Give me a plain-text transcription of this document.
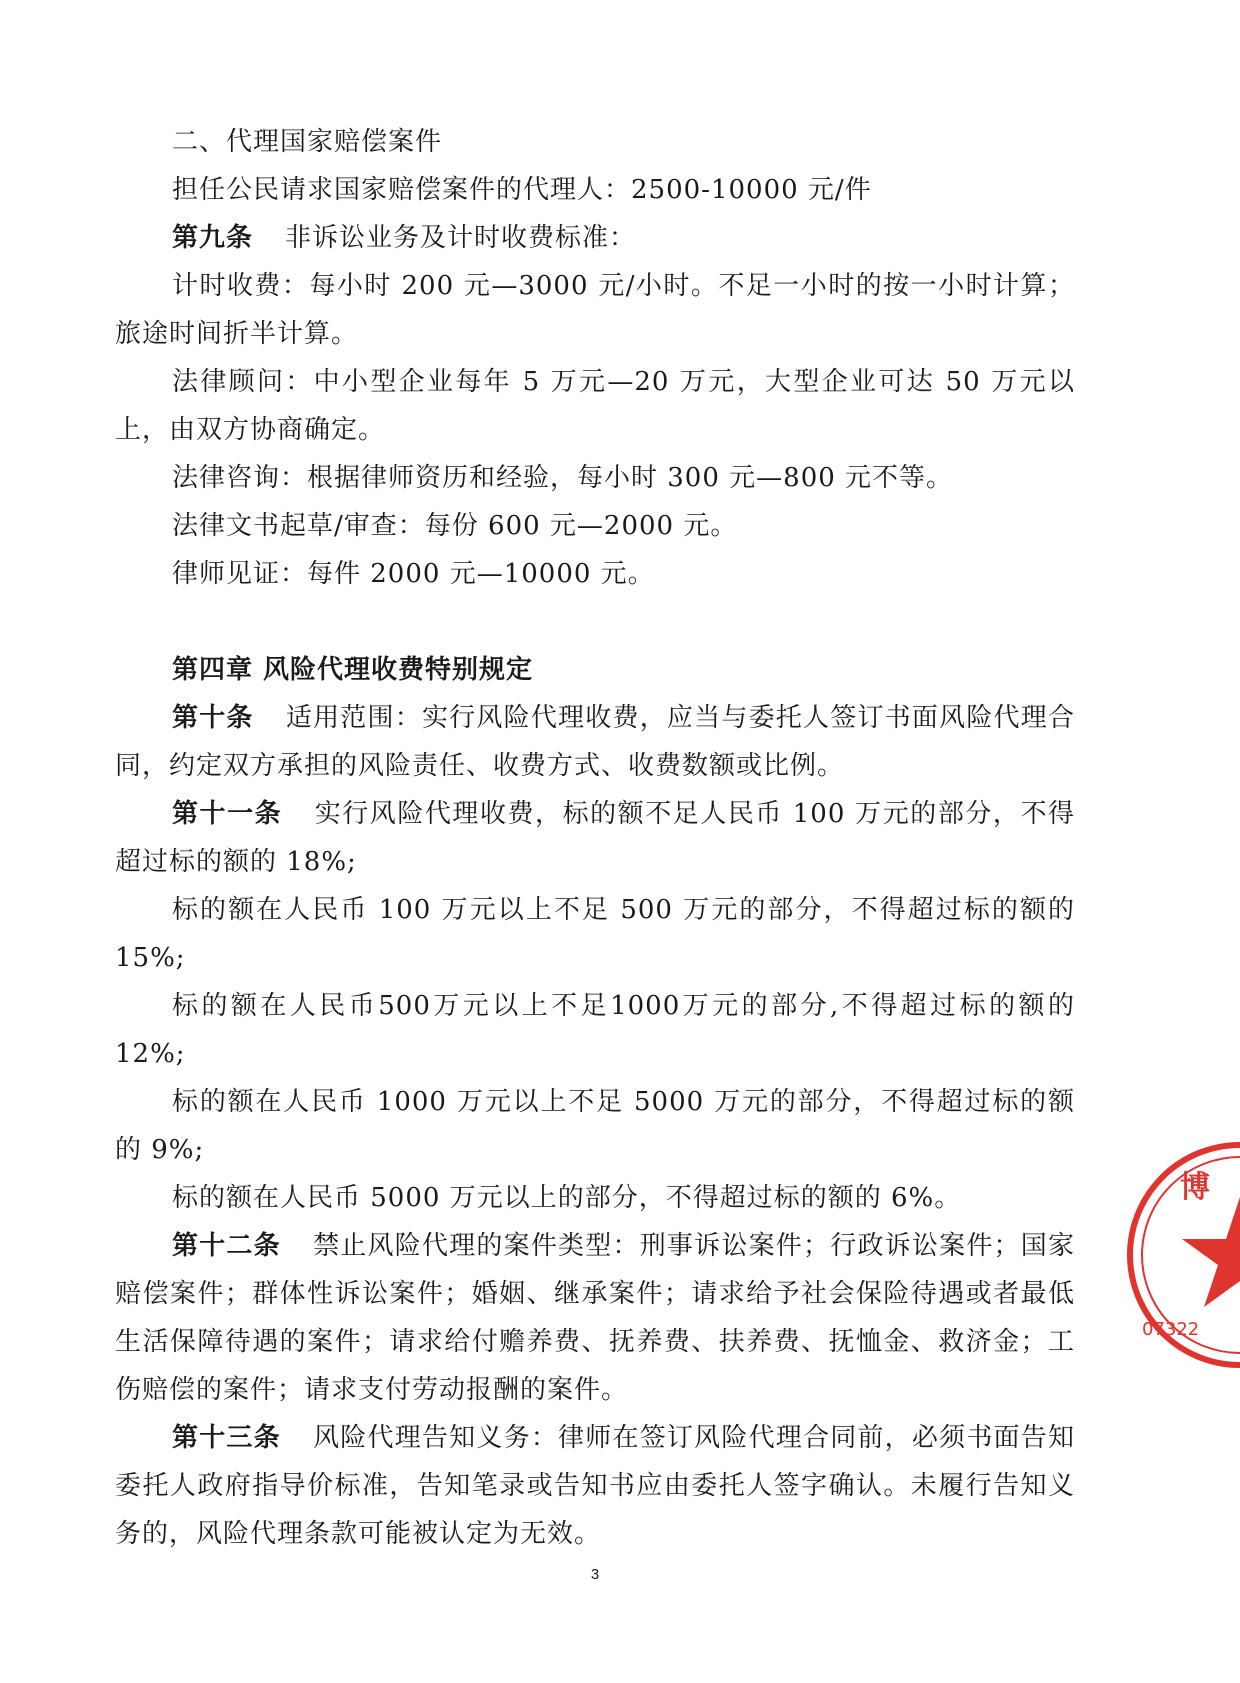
二、代理国家赔偿案件

担任公民请求国家赔偿案件的代理人：2500-10000 元/件

第九条 非诉讼业务及计时收费标准：

计时收费：每小时 200 元—3000 元/小时。不足一小时的按一小时计算；旅途时间折半计算。

法律顾问：中小型企业每年 5 万元—20 万元，大型企业可达 50 万元以上，由双方协商确定。

法律咨询：根据律师资历和经验，每小时 300 元—800 元不等。

法律文书起草/审查：每份 600 元—2000 元。

律师见证：每件 2000 元—10000 元。

第四章 风险代理收费特别规定

第十条 适用范围：实行风险代理收费，应当与委托人签订书面风险代理合同，约定双方承担的风险责任、收费方式、收费数额或比例。

第十一条 实行风险代理收费，标的额不足人民币 100 万元的部分，不得超过标的额的 18%;

标的额在人民币 100 万元以上不足 500 万元的部分，不得超过标的额的 15%;

标的额在人民币500万元以上不足1000万元的部分,不得超过标的额的 12%;

标的额在人民币 1000 万元以上不足 5000 万元的部分，不得超过标的额的 9%;

标的额在人民币 5000 万元以上的部分，不得超过标的额的 6%。

第十二条 禁止风险代理的案件类型：刑事诉讼案件；行政诉讼案件；国家赔偿案件；群体性诉讼案件；婚姻、继承案件；请求给予社会保险待遇或者最低生活保障待遇的案件；请求给付赡养费、抚养费、扶养费、抚恤金、救济金；工伤赔偿的案件；请求支付劳动报酬的案件。

第十三条 风险代理告知义务：律师在签订风险代理合同前，必须书面告知委托人政府指导价标准，告知笔录或告知书应由委托人签字确认。未履行告知义务的，风险代理条款可能被认定为无效。

博
07322
3
